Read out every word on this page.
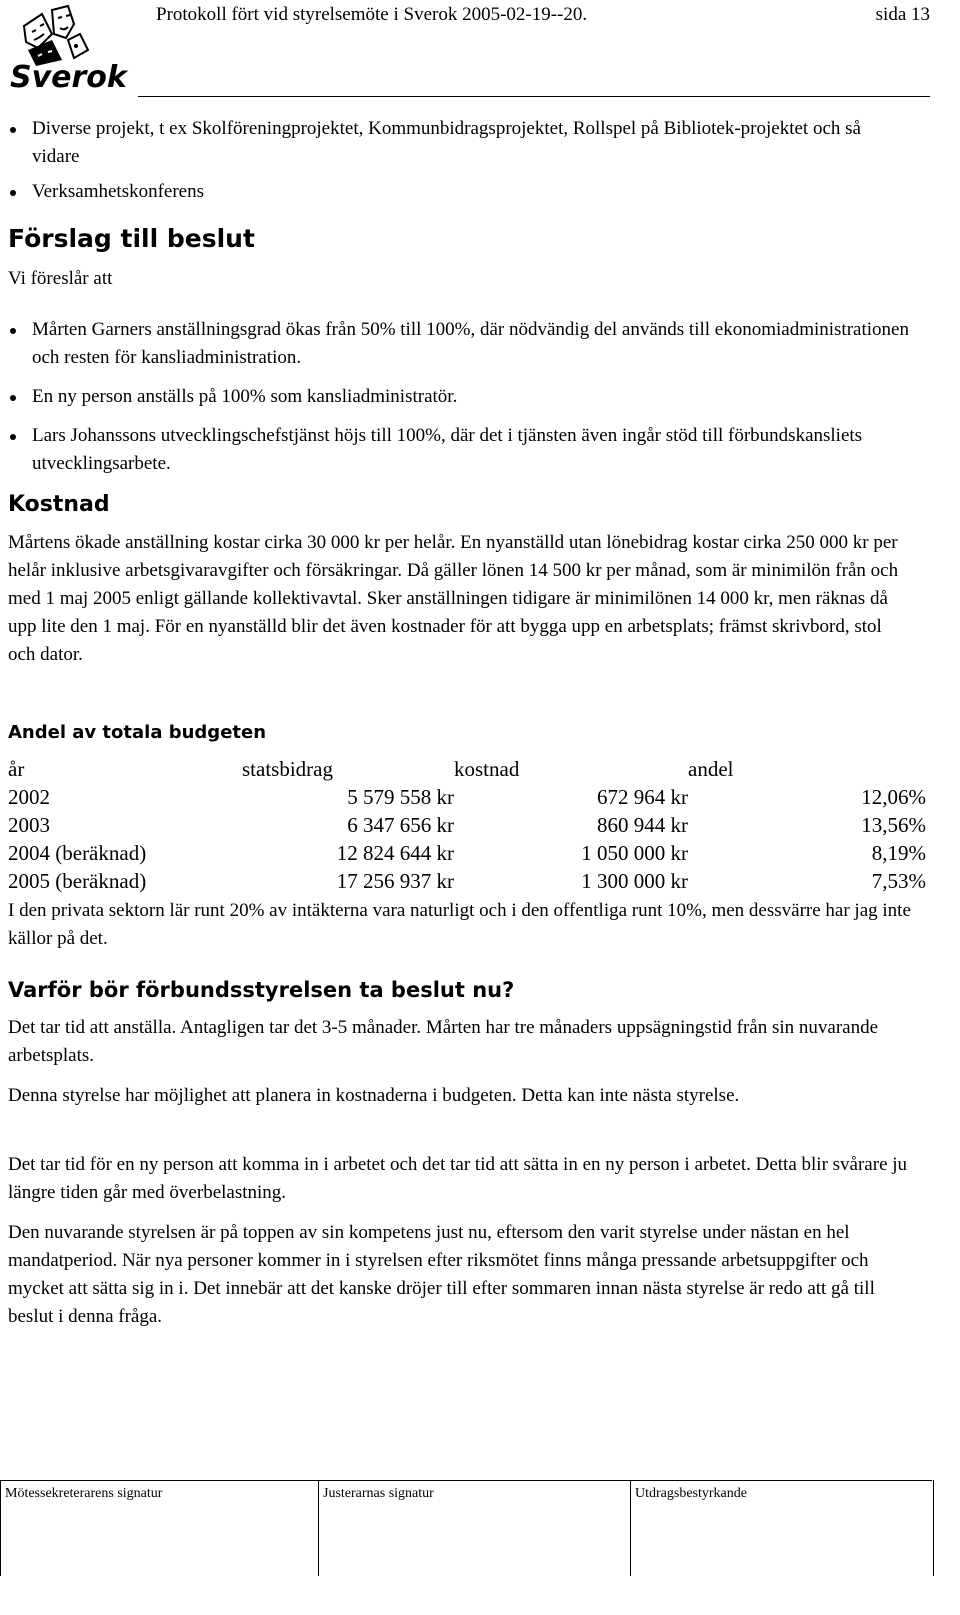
Sverok
Protokoll fört vid styrelsemöte i Sverok 2005-02-19--20.	sida 13
Diverse projekt, t ex Skolföreningprojektet, Kommunbidragsprojektet, Rollspel på Bibliotek-projektet och så vidare
Verksamhetskonferens
Förslag till beslut
Vi föreslår att
Mårten Garners anställningsgrad ökas från 50% till 100%, där nödvändig del används till ekonomiadministrationen och resten för kansliadministration.
En ny person anställs på 100% som kansliadministratör.
Lars Johanssons utvecklingschefstjänst höjs till 100%, där det i tjänsten även ingår stöd till förbundskansliets utvecklingsarbete.
Kostnad

Mårtens ökade anställning kostar cirka 30 000 kr per helår. En nyanställd utan lönebidrag kostar cirka 250 000 kr per helår inklusive arbetsgivaravgifter och försäkringar. Då gäller lönen 14 500 kr per månad, som är minimilön från och med 1 maj 2005 enligt gällande kollektivavtal. Sker anställningen tidigare är minimilönen 14 000 kr, men räknas då upp lite den 1 maj. För en nyanställd blir det även kostnader för att bygga upp en arbetsplats; främst skrivbord, stol och dator.

Andel av totala budgeten
år	statsbidrag	kostnad	andel
2002	5 579 558 kr	672 964 kr	12,06%
2003	6 347 656 kr	860 944 kr	13,56%
2004 (beräknad)	12 824 644 kr	1 050 000 kr	8,19%
2005 (beräknad)	17 256 937 kr	1 300 000 kr	7,53%

I den privata sektorn lär runt 20% av intäkterna vara naturligt och i den offentliga runt 10%, men dessvärre har jag inte källor på det.

Varför bör förbundsstyrelsen ta beslut nu?

Det tar tid att anställa. Antagligen tar det 3-5 månader. Mårten har tre månaders uppsägningstid från sin nuvarande arbetsplats.

Denna styrelse har möjlighet att planera in kostnaderna i budgeten. Detta kan inte nästa styrelse.

Det tar tid för en ny person att komma in i arbetet och det tar tid att sätta in en ny person i arbetet. Detta blir svårare ju längre tiden går med överbelastning.

Den nuvarande styrelsen är på toppen av sin kompetens just nu, eftersom den varit styrelse under nästan en hel mandatperiod. När nya personer kommer in i styrelsen efter riksmötet finns många pressande arbetsuppgifter och mycket att sätta sig in i. Det innebär att det kanske dröjer till efter sommaren innan nästa styrelse är redo att gå till beslut i denna fråga.

Mötessekreterarens signatur	Justerarnas signatur	Utdragsbestyrkande
